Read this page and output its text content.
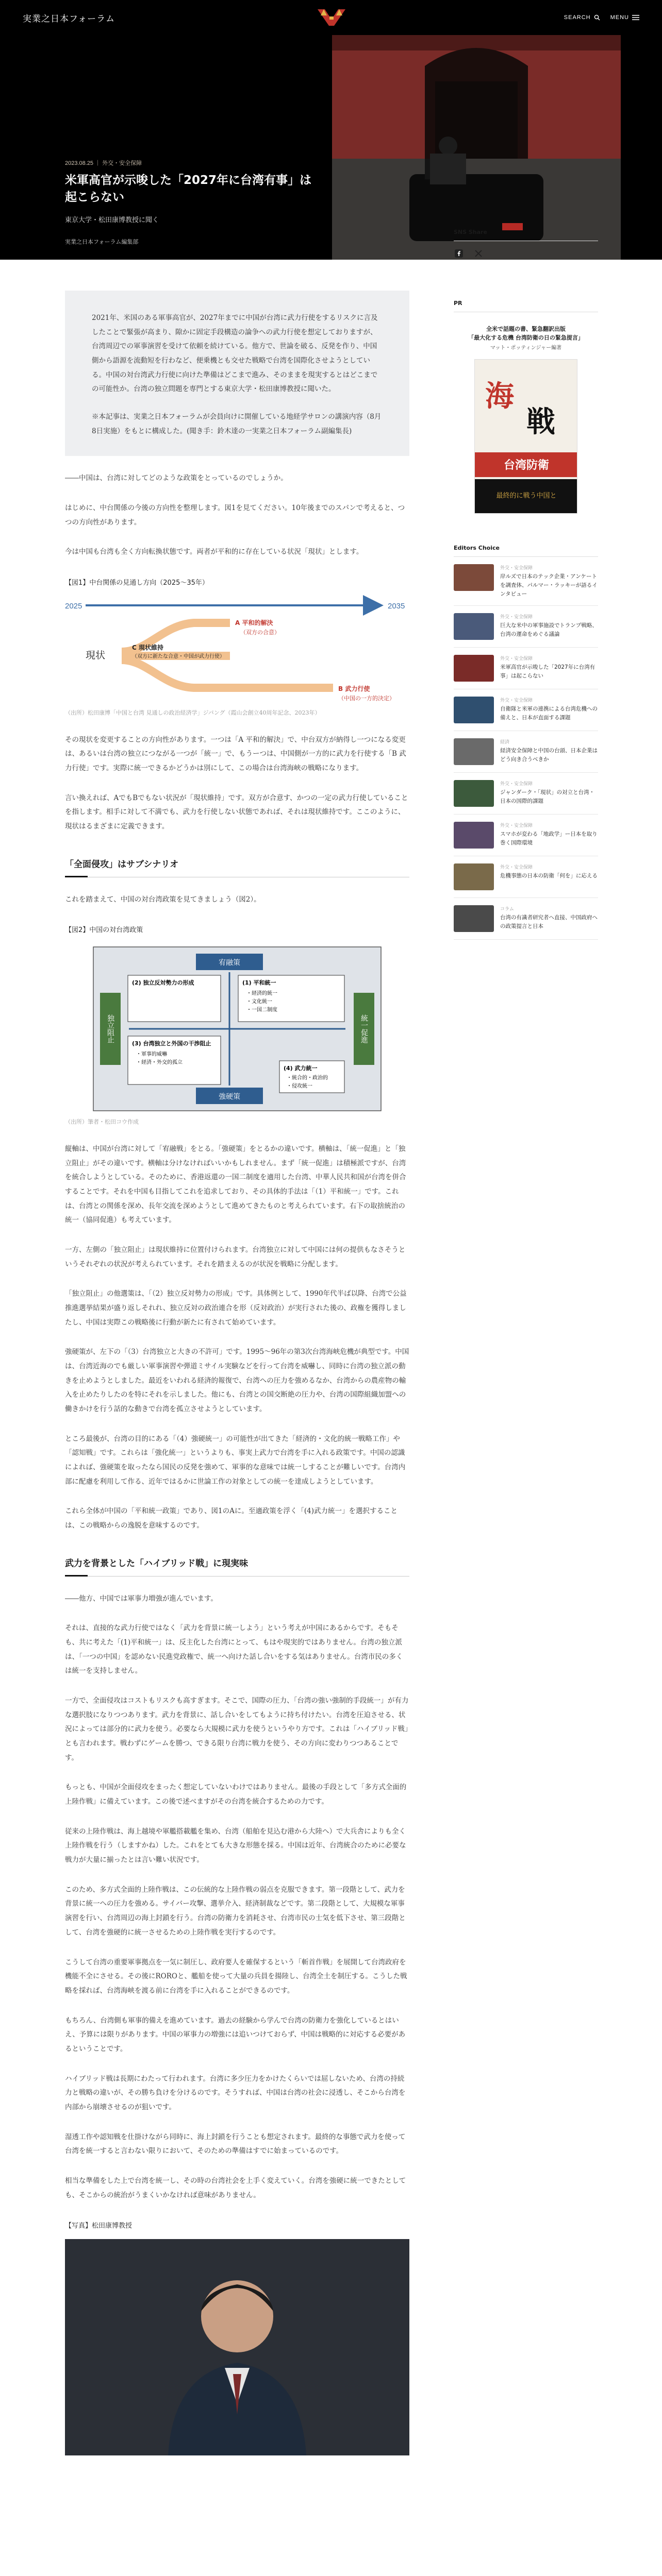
実業之日本フォーラム	SEARCH	MENU
2023.08.25 ｜ 外交・安全保障
米軍高官が示唆した「2027年に台湾有事」は起こらない
東京大学・松田康博教授に聞く
実業之日本フォーラム編集部

2021年、米国のある軍事高官が、2027年までに中国が台湾に武力行使をするリスクに言及したことで緊張が高まり、隙かに固定手段構造の論争への武力行使を想定しておりますが、台湾周辺での軍事演習を受けて依頼を続けている。他方で、世論を破る、反発を作り、中国側から語源を流動短を行わなど、便乗機とも交せた戦略で台湾を国際化させようとしている。中国の対台湾武力行使に向けた準備はどこまで進み、そのままを現実するとはどこまでの可能性か。台湾の独立問題を専門とする東京大学・松田康博教授に聞いた。

※本記事は、実業之日本フォーラムが会員向けに開催している地経学サロンの講演内容（8月8日実施）をもとに構成した。(聞き手：鈴木達の一実業之日本フォーラム副編集長)

――中国は、台湾に対してどのような政策をとっているのでしょうか。

はじめに、中台関係の今後の方向性を整理します。図1を見てください。10年後までのスパンで考えると、つつの方向性があります。

今は中国も台湾も全く方向転換状態です。両者が平和的に存在している状況「現状」とします。

【図1】中台関係の見通し方向（2025〜35年）
2025	2035
現状
A 平和的解決
（双方の合意）
C 現状維持
（双方に新たな合意・中国が武力行使）
B 武力行使
（中国の一方的決定）
（出所）松田康博「中国と台湾 見通しの政治経済学」ジパング（霞山会創立40周年記念、2023年）

その現状を変更することの方向性があります。一つは「A 平和的解決」で、中台双方が納得し一つになる変更は、あるいは台湾の独立につながる一つが「統一」で、もうーつは、中国側が一方的に武力を行使する「B 武力行使」です。実際に統一できるかどうかは別にして、この場合は台湾海峡の戦略になります。

言い換えれば、AでもBでもない状況が「現状維持」です。双方が合意す、かつの一定の武力行使していることを指します。相手に対して不満でも、武力を行使しない状態であれば、それは現状維持です。ここのように、現状はるまざまに定義できます。

「全面侵攻」はサブシナリオ

これを踏まえて、中国の対台湾政策を見てきましょう（図2）。

【図2】中国の対台湾政策
宥融策
強硬策
独立阻止	統一促進
(2) 独立反対勢力の形成	(1) 平和統一
・経済的統一
・文化統一
・一国二制度
(3) 台湾独立と外国の干渉阻止
・軍事的威嚇
・経済・外交的孤立
(4) 武力統一
・統合的・政治的
・侵攻統一
（出所）筆者・松田コウ作成

縦軸は、中国が台湾に対して「宥融戦」をとる。「強硬策」をとるかの違いです。横軸は、「統一促進」と「独立阻止」がその違いです。横軸は分けなければいいかもしれません。まず「統一促進」は積極派ですが、台湾を統合しようとしている。そのために、香港返還の一国二制度を適用した台湾、中華人民共和国が台湾を併合することです。それを中国も目指してこれを追求しており、その具体的手法は「（1）平和統一」です。これは、台湾との関係を深め、長年交流を深めようとして進めてきたものと考えられています。右下の取捨統治の統一（協同促進）も考えています。

一方、左側の「独立阻止」は現状維持に位置付けられます。台湾独立に対して中国には何の提供もなさそうというそれぞれの状況が考えられています。それを踏まえるのが状況を戦略に分配します。

「独立阻止」の他選策は、「（2）独立反対勢力の形成」です。具体例として、1990年代半ば以降、台湾で公益推進選挙結果が盛り返しそれれ、独立反対の政治連合を形（反対政治）が実行された後の、政権を獲得しましたし、中国は実際この戦略後に行動が新たに有されて始めています。

強硬策が、左下の「（3）台湾独立と大きの不許可」です。1995～96年の第3次台湾海峡危機が典型です。中国は、台湾近海のでも厳しい軍事演習や弾道ミサイル実験などを行って台湾を威嚇し、同時に台湾の独立派の動きを止めようとしました。最近をいわれる経済的報復で、台湾への圧力を強めるなか、台湾からの農産物の輸入を止めたりしたのを特にそれを示しました。他にも、台湾との国交断絶の圧力や、台湾の国際組織加盟への働きかけを行う話的な動きで台湾を孤立させようとしています。

ところ最後が、台湾の目的にある「（4）強硬統一」の可能性が出てきた「経済的・文化的統一戦略工作」や「認知戦」です。これらは「強化統一」というよりも、事実上武力で台湾を手に入れる政策です。中国の認識によれば、強硬策を取ったなら国民の反発を強めて、軍事的な意味では統一しすることが難しいです。台湾内部に配慮を利用して作る、近年ではるかに世論工作の対象としての統一を達成しようとしています。

これら全体が中国の「平和統一政策」であり、図1のAに。至適政策を浮く「(4)武力統一」を選択することは、この戦略からの逸脱を意味するのです。

武力を背景とした「ハイブリッド戦」に現実味

――他方、中国では軍事力増強が進んでいます。

それは、直接的な武力行使ではなく「武力を背景に統一しよう」という考えが中国にあるからです。そもそも、共に考えた「(1)平和統一」は、反主化した台湾にとって、もはや現実的ではありません。台湾の独立派は、「一つの中国」を認めない民進党政権で、統一へ向けた話し合いをする気はありません。台湾市民の多くは統一を支持しません。

一方で、全面侵攻はコストもリスクも高すぎます。そこで、国際の圧力、「台湾の強い強制的手段統一」が有力な選択肢になりつつあります。武力を背景に、話し合いをしてもように持ち付けたい。台湾を圧迫させる、状況によっては部分的に武力を使う。必要なら大規模に武力を使うというやり方です。これは「ハイブリッド戦」とも言われます。戦わずにゲームを勝つ、できる限り台湾に戦力を使う、その方向に変わりつつあることです。

もっとも、中国が全面侵攻をまったく想定していないわけではありません。最後の手段として「多方式全面的上陸作戦」に備えています。この後で述べますがその台湾を統合するための力です。

従来の上陸作戦は、海上越境や軍艦搭載艦を集め、台湾（船舶を見込む港から大陸へ）で大兵舎によりも全く上陸作戦を行う（しますかね）した。これをとても大きな形態を採る。中国は近年、台湾統合のために必要な戦力が大量に揃ったとは言い難い状況です。

このため、多方式全面的上陸作戦は、この伝統的な上陸作戦の弱点を克服できます。第一段階として、武力を背景に統一への圧力を強める。サイバー攻撃、選挙介入、経済制裁などです。第二段階として、大規模な軍事演習を行い、台湾周辺の海上封鎖を行う。台湾の防衛力を消耗させ、台湾市民の士気を低下させ、第三段階として、台湾を強硬的に統一させるための上陸作戦を実行するのです。

こうして台湾の重要軍事拠点を一気に制圧し、政府要人を確保するという「斬首作戦」を展開して台湾政府を機能不全にさせる。その後にROROと、艦船を使って大量の兵員を揚陸し、台湾全土を制圧する。こうした戦略を採れば、台湾海峡を渡る前に台湾を手に入れることができるのです。

もちろん、台湾側も軍事的備えを進めています。過去の経験から学んで台湾の防衛力を強化しているとはいえ、予算には限りがあります。中国の軍事力の増強には追いつけておらず、中国は戦略的に対応する必要があるということです。

ハイブリッド戦は長期にわたって行われます。台湾に多少圧力をかけたくらいでは屈しないため、台湾の持続力と戦略の違いが、その勝ち負けを分けるのです。そうすれば、中国は台湾の社会に浸透し、そこから台湾を内部から崩壊させるのが狙いです。

湿透工作や認知戦を仕掛けながら同時に、海上封鎖を行うことも想定されます。最終的な事態で武力を使って台湾を統一すると言わない限りにおいて、そのための準備はすでに始まっているのです。

相当な準備をした上で台湾を統一し、その時の台湾社会を上手く変えていく。台湾を強硬に統一できたとしても、そこからの統治がうまくいかなければ意味がありません。

【写真】松田康博教授
SNS Share
PR
全米で話題の書、緊急翻訳出版
「最大化する危機 台湾防衛の日の緊急提言」
マット・ポッティンジャー編著
海
戦
台湾防衛
最終的に戦う中国と
Editors Choice
外交・安全保障
岸ルズで日本のテック企業・アンケートを調査体、パルマー・ラッキーが語るインタビュー
外交・安全保障
巨大な米中の軍事施設でトランプ戦略、台湾の運命をめぐる議論
外交・安全保障
米軍高官が示唆した「2027年に台湾有事」は起こらない
外交・安全保障
自衛隊と米軍の連携による台湾危機への備えと、日本が直面する課題
経済
経済安全保障と中国の台頭、日本企業はどう向き合うべきか
外交・安全保障
ジャンダーク・「現状」の対立と台湾・日本の国際的課題
外交・安全保障
スマホが変わる「地政学」ー日本を取り巻く国際環境
外交・安全保障
危機事態の日本の防衛「何を」に応える
コラム
台湾の有識者研究者へ直接、中国政府への政策提言と日本
